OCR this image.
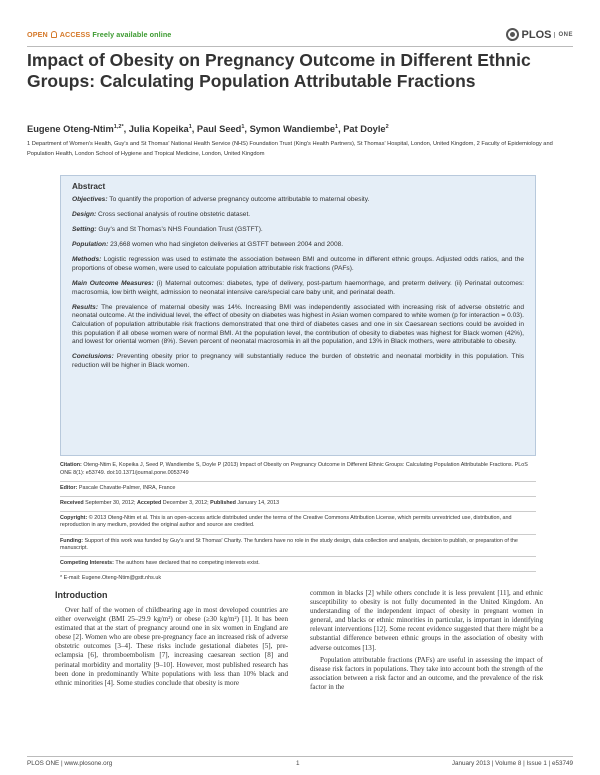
OPEN ACCESS Freely available online	PLOS	ONE
Impact of Obesity on Pregnancy Outcome in Different Ethnic Groups: Calculating Population Attributable Fractions
Eugene Oteng-Ntim$^{1,2*}$, Julia Kopeika$^1$, Paul Seed$^1$, Symon Wandiembe$^1$, Pat Doyle$^2$
1 Department of Women's Health, Guy's and St Thomas' National Health Service (NHS) Foundation Trust (King's Health Partners), St Thomas' Hospital, London, United Kingdom, 2 Faculty of Epidemiology and Population Health, London School of Hygiene and Tropical Medicine, London, United Kingdom
Abstract

Objectives: To quantify the proportion of adverse pregnancy outcome attributable to maternal obesity.

Design: Cross sectional analysis of routine obstetric dataset.

Setting: Guy's and St Thomas's NHS Foundation Trust (GSTFT).

Population: 23,668 women who had singleton deliveries at GSTFT between 2004 and 2008.

Methods: Logistic regression was used to estimate the association between BMI and outcome in different ethnic groups. Adjusted odds ratios, and the proportions of obese women, were used to calculate population attributable risk fractions (PAFs).

Main Outcome Measures: (i) Maternal outcomes: diabetes, type of delivery, post-partum haemorrhage, and preterm delivery. (ii) Perinatal outcomes: macrosomia, low birth weight, admission to neonatal intensive care/special care baby unit, and perinatal death.

Results: The prevalence of maternal obesity was 14%. Increasing BMI was independently associated with increasing risk of adverse obstetric and neonatal outcome. At the individual level, the effect of obesity on diabetes was highest in Asian women compared to white women (p for interaction = 0.03). Calculation of population attributable risk fractions demonstrated that one third of diabetes cases and one in six Caesarean sections could be avoided in this population if all obese women were of normal BMI. At the population level, the contribution of obesity to diabetes was highest for Black women (42%), and lowest for oriental women (8%). Seven percent of neonatal macrosomia in all the population, and 13% in Black mothers, were attributable to obesity.

Conclusions: Preventing obesity prior to pregnancy will substantially reduce the burden of obstetric and neonatal morbidity in this population. This reduction will be higher in Black women.

Citation: Oteng-Ntim E, Kopeika J, Seed P, Wandiembe S, Doyle P (2013) Impact of Obesity on Pregnancy Outcome in Different Ethnic Groups: Calculating Population Attributable Fractions. PLoS ONE 8(1): e53749. doi:10.1371/journal.pone.0053749

Editor: Pascale Chavatte-Palmer, INRA, France

Received September 30, 2012; Accepted December 3, 2012; Published January 14, 2013

Copyright: © 2013 Oteng-Ntim et al. This is an open-access article distributed under the terms of the Creative Commons Attribution License, which permits unrestricted use, distribution, and reproduction in any medium, provided the original author and source are credited.

Funding: Support of this work was funded by Guy's and St Thomas' Charity. The funders have no role in the study design, data collection and analysis, decision to publish, or preparation of the manuscript.

Competing Interests: The authors have declared that no competing interests exist.

* E-mail: Eugene.Oteng-Ntim@gstt.nhs.uk

Introduction

Over half of the women of childbearing age in most developed countries are either overweight (BMI 25–29.9 kg/m²) or obese (≥30 kg/m²) [1]. It has been estimated that at the start of pregnancy around one in six women in England are obese [2]. Women who are obese pre-pregnancy face an increased risk of adverse obstetric outcomes [3–4]. These risks include gestational diabetes [5], pre-eclampsia [6], thromboembolism [7], increasing caesarean section [8] and perinatal morbidity and mortality [9–10]. However, most published research has been done in predominantly White populations with less than 10% black and ethnic minorities [4]. Some studies conclude that obesity is more

common in blacks [2] while others conclude it is less prevalent [11], and ethnic susceptibility to obesity is not fully documented in the United Kingdom. An understanding of the independent impact of obesity in pregnant women in general, and blacks or ethnic minorities in particular, is important in identifying relevant interventions [12]. Some recent evidence suggested that there might be a substantial difference between ethnic groups in the association of obesity with adverse outcomes [13].

Population attributable fractions (PAFs) are useful in assessing the impact of disease risk factors in populations. They take into account both the strength of the association between a risk factor and an outcome, and the prevalence of the risk factor in the

PLOS ONE | www.plosone.org	1	January 2013 | Volume 8 | Issue 1 | e53749
